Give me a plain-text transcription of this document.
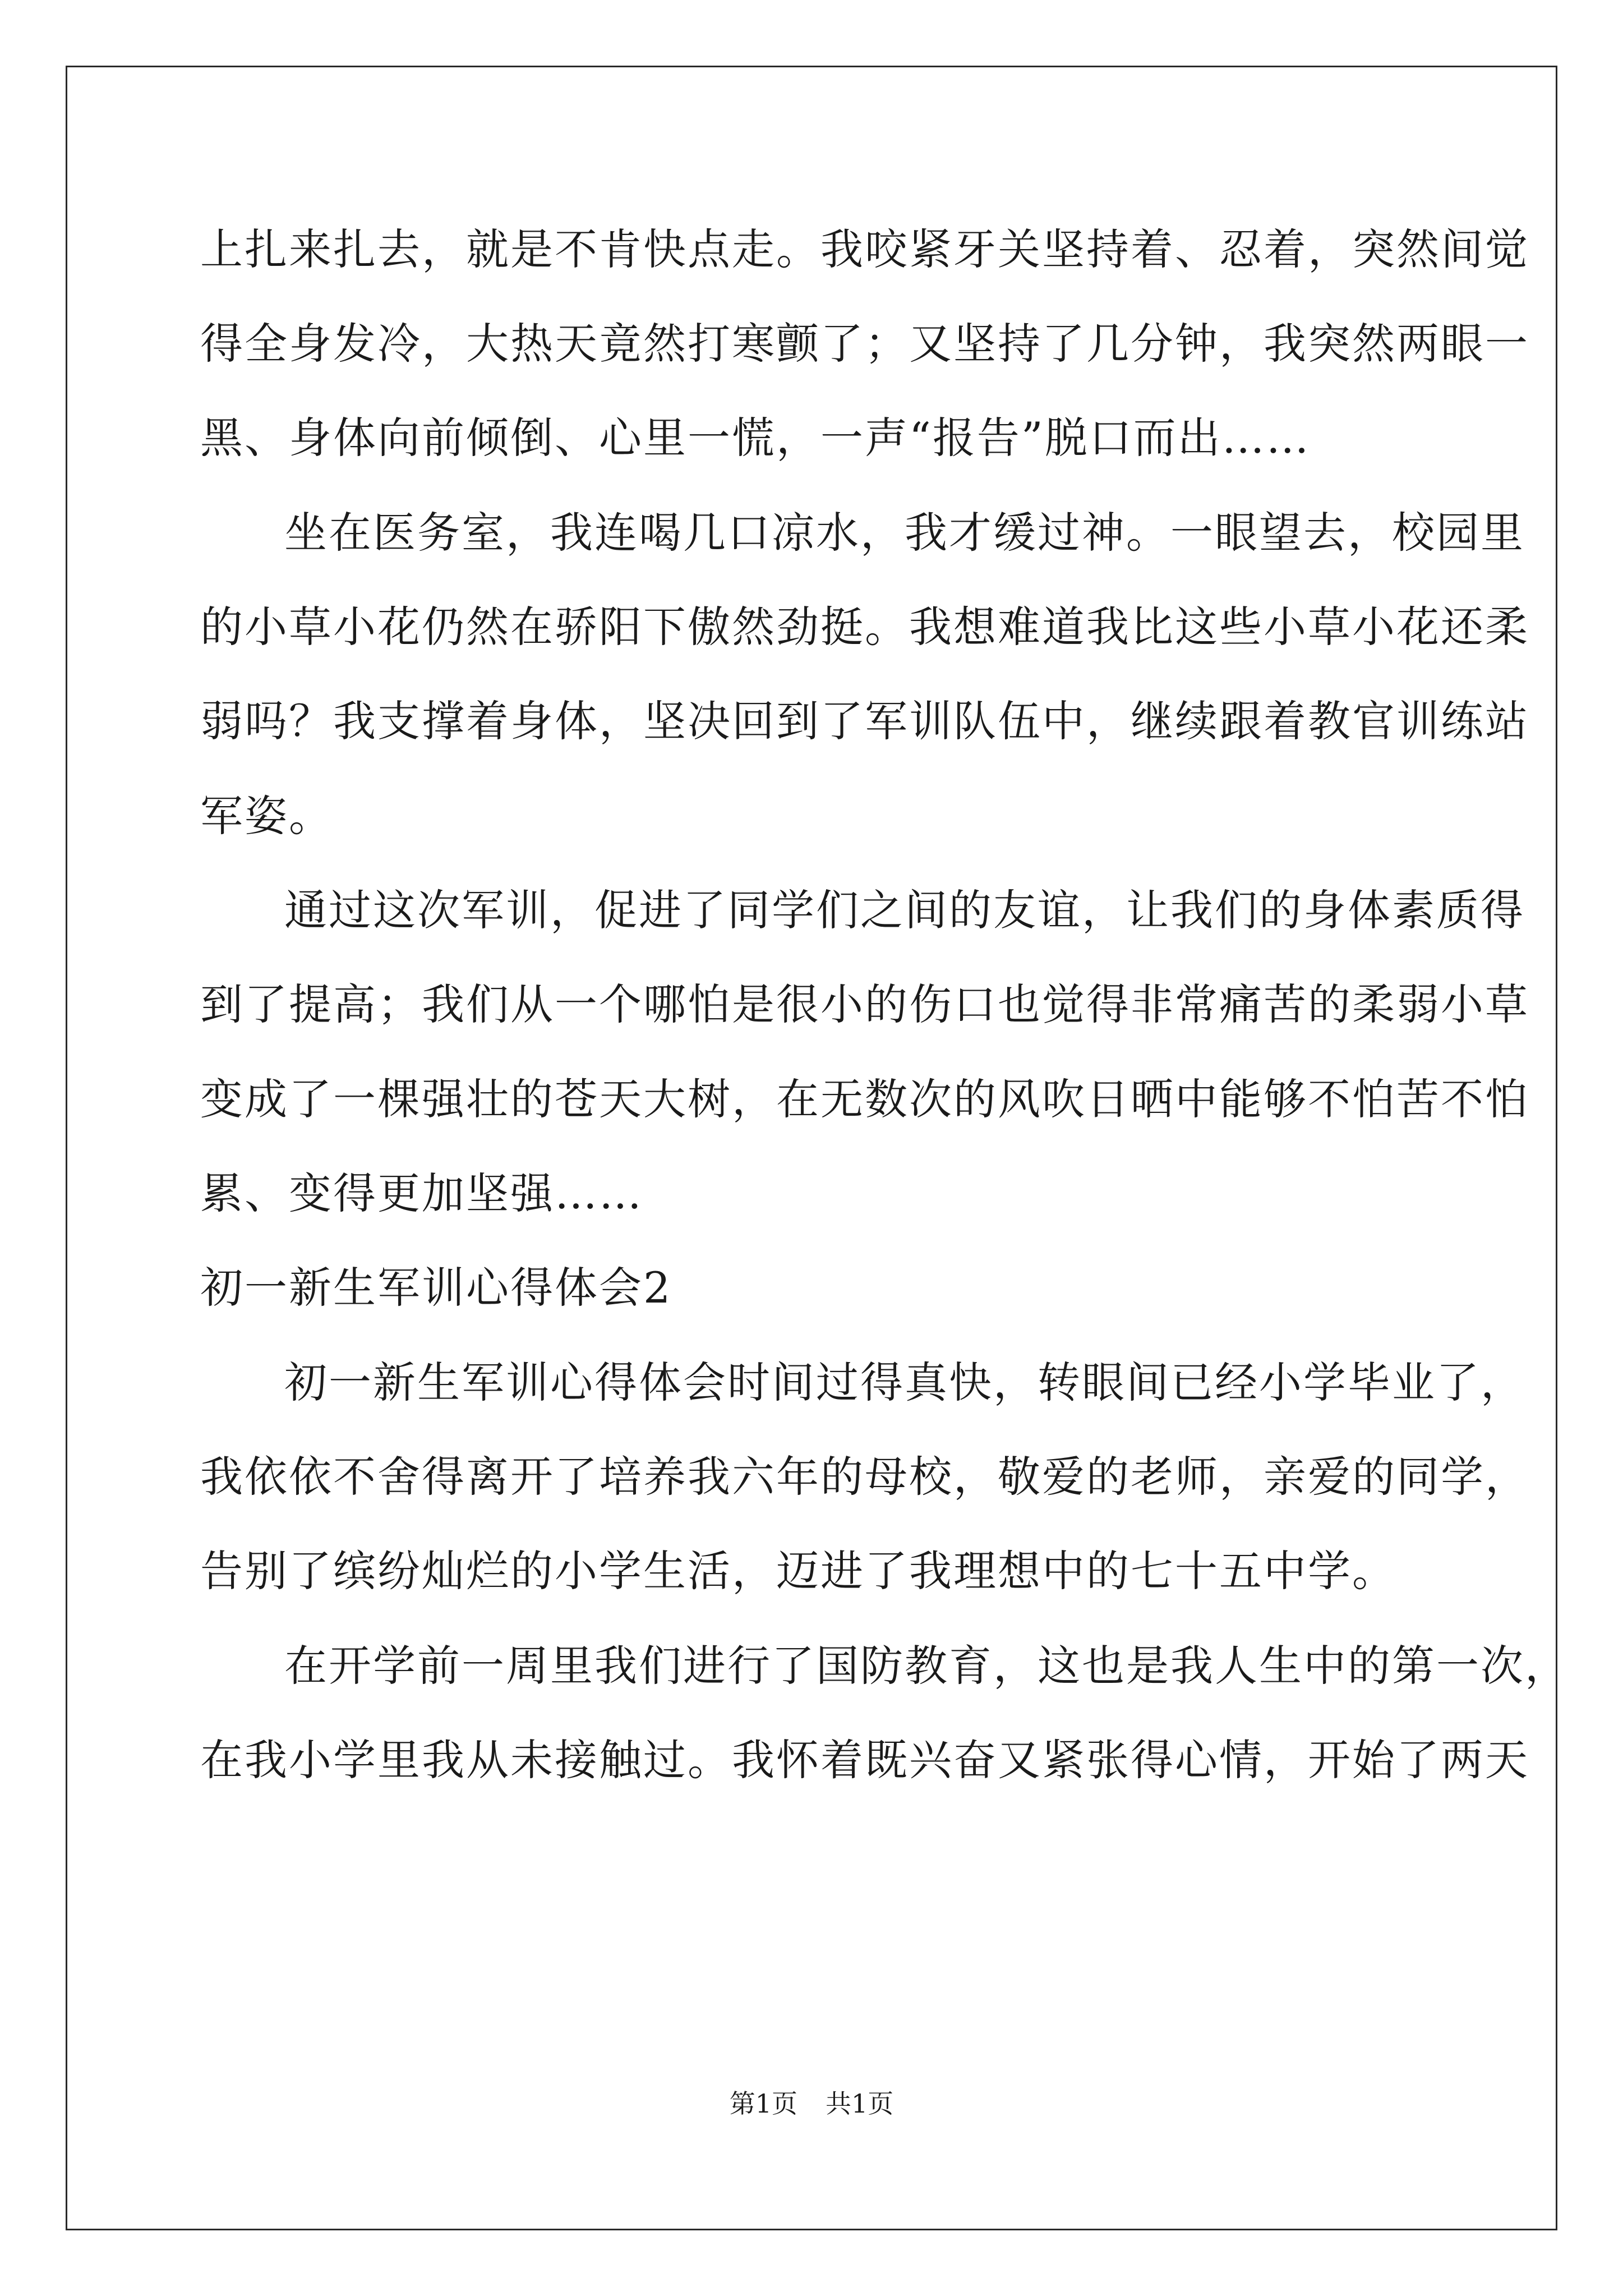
上扎来扎去，就是不肯快点走。我咬紧牙关坚持着、忍着，突然间觉
得全身发冷，大热天竟然打寒颤了；又坚持了几分钟，我突然两眼一
黑、身体向前倾倒、心里一慌，一声“报告”脱口而出……
坐在医务室，我连喝几口凉水，我才缓过神。一眼望去，校园里
的小草小花仍然在骄阳下傲然劲挺。我想难道我比这些小草小花还柔
弱吗？我支撑着身体，坚决回到了军训队伍中，继续跟着教官训练站
军姿。
通过这次军训，促进了同学们之间的友谊，让我们的身体素质得
到了提高；我们从一个哪怕是很小的伤口也觉得非常痛苦的柔弱小草
变成了一棵强壮的苍天大树，在无数次的风吹日晒中能够不怕苦不怕
累、变得更加坚强……
初一新生军训心得体会2
初一新生军训心得体会时间过得真快，转眼间已经小学毕业了，
我依依不舍得离开了培养我六年的母校，敬爱的老师，亲爱的同学，
告别了缤纷灿烂的小学生活，迈进了我理想中的七十五中学。
在开学前一周里我们进行了国防教育，这也是我人生中的第一次，
在我小学里我从未接触过。我怀着既兴奋又紧张得心情，开始了两天
第1页 共1页
